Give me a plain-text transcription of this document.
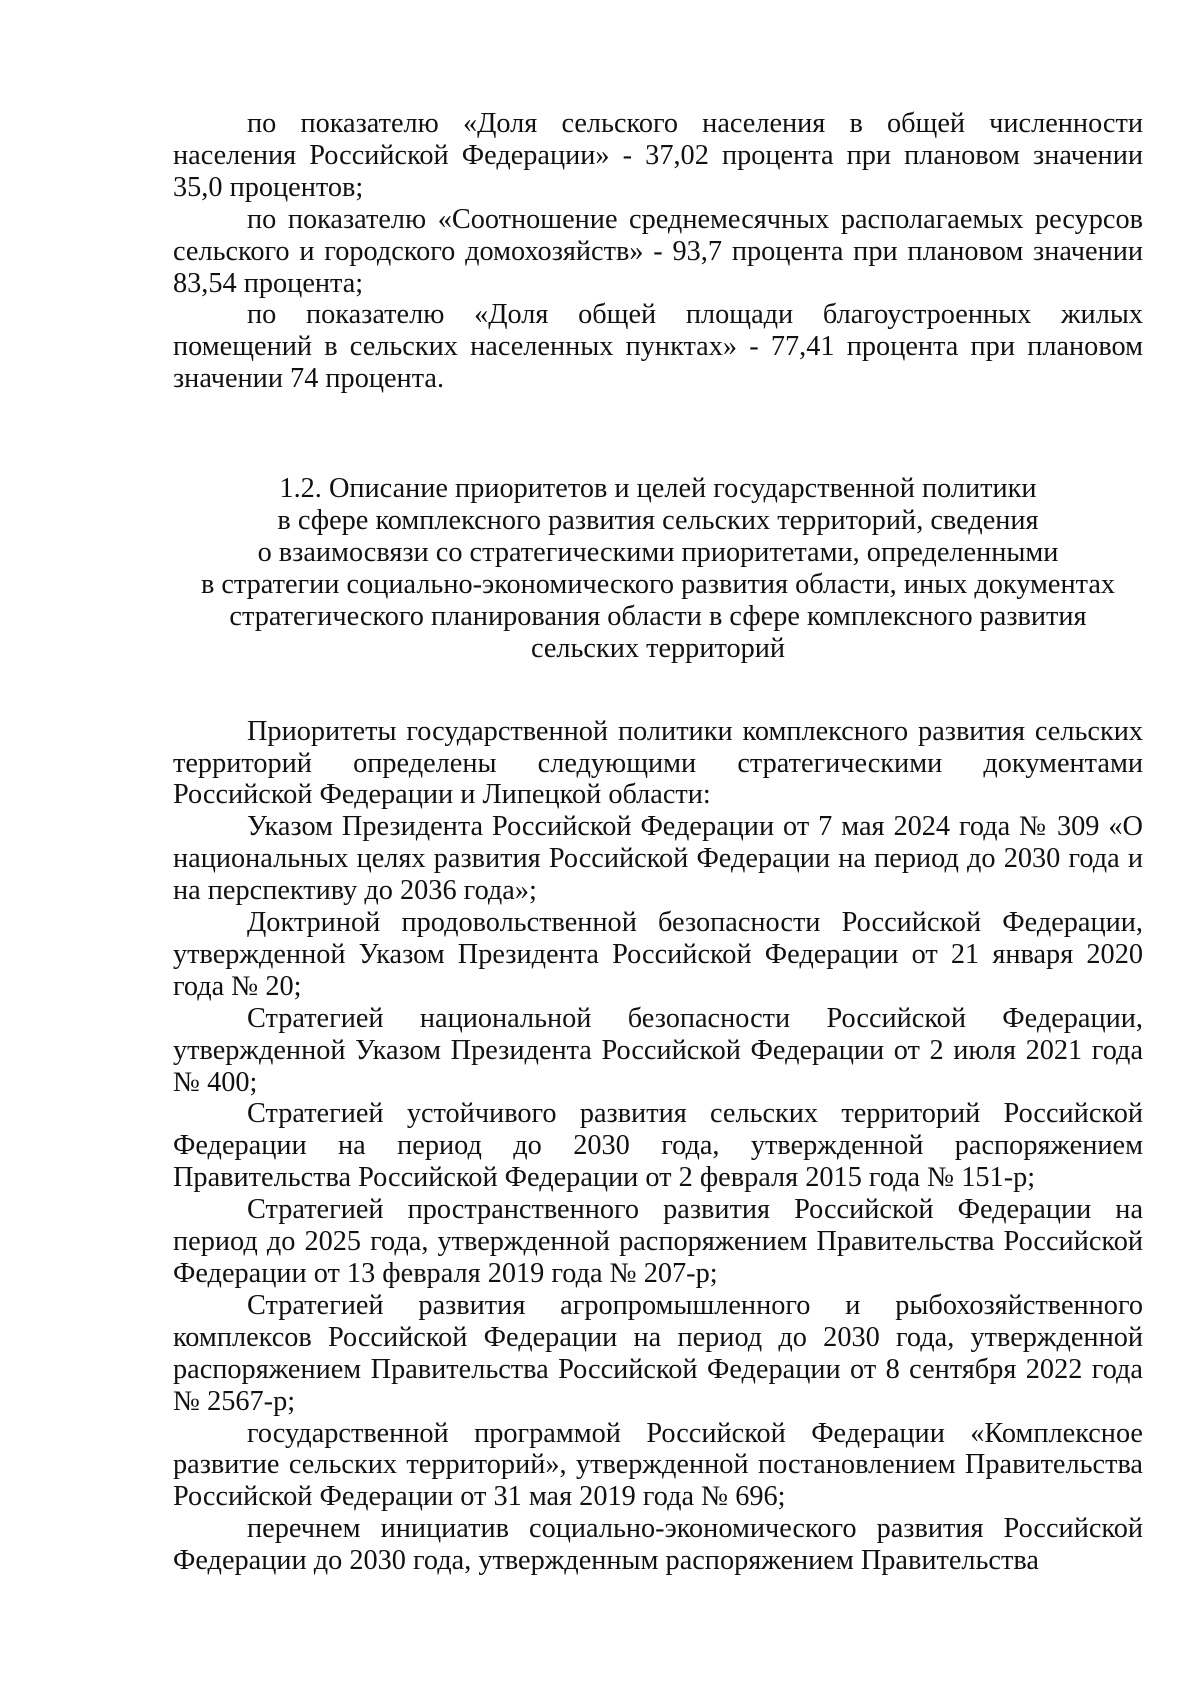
по показателю «Доля сельского населения в общей численности населения Российской Федерации» - 37,02 процента при плановом значении 35,0 процентов;

по показателю «Соотношение среднемесячных располагаемых ресурсов сельского и городского домохозяйств» - 93,7 процента при плановом значении 83,54 процента;

по показателю «Доля общей площади благоустроенных жилых помещений в сельских населенных пунктах» - 77,41 процента при плановом значении 74 процента.

1.2. Описание приоритетов и целей государственной политики
в сфере комплексного развития сельских территорий, сведения
о взаимосвязи со стратегическими приоритетами, определенными
в стратегии социально-экономического развития области, иных документах
стратегического планирования области в сфере комплексного развития
сельских территорий

Приоритеты государственной политики комплексного развития сельских территорий определены следующими стратегическими документами Российской Федерации и Липецкой области:

Указом Президента Российской Федерации от 7 мая 2024 года № 309 «О национальных целях развития Российской Федерации на период до 2030 года и на перспективу до 2036 года»;

Доктриной продовольственной безопасности Российской Федерации, утвержденной Указом Президента Российской Федерации от 21 января 2020 года № 20;

Стратегией национальной безопасности Российской Федерации, утвержденной Указом Президента Российской Федерации от 2 июля 2021 года № 400;

Стратегией устойчивого развития сельских территорий Российской Федерации на период до 2030 года, утвержденной распоряжением Правительства Российской Федерации от 2 февраля 2015 года № 151-р;

Стратегией пространственного развития Российской Федерации на период до 2025 года, утвержденной распоряжением Правительства Российской Федерации от 13 февраля 2019 года № 207-р;

Стратегией развития агропромышленного и рыбохозяйственного комплексов Российской Федерации на период до 2030 года, утвержденной распоряжением Правительства Российской Федерации от 8 сентября 2022 года № 2567-р;

государственной программой Российской Федерации «Комплексное развитие сельских территорий», утвержденной постановлением Правительства Российской Федерации от 31 мая 2019 года № 696;

перечнем инициатив социально-экономического развития Российской Федерации до 2030 года, утвержденным распоряжением Правительства
